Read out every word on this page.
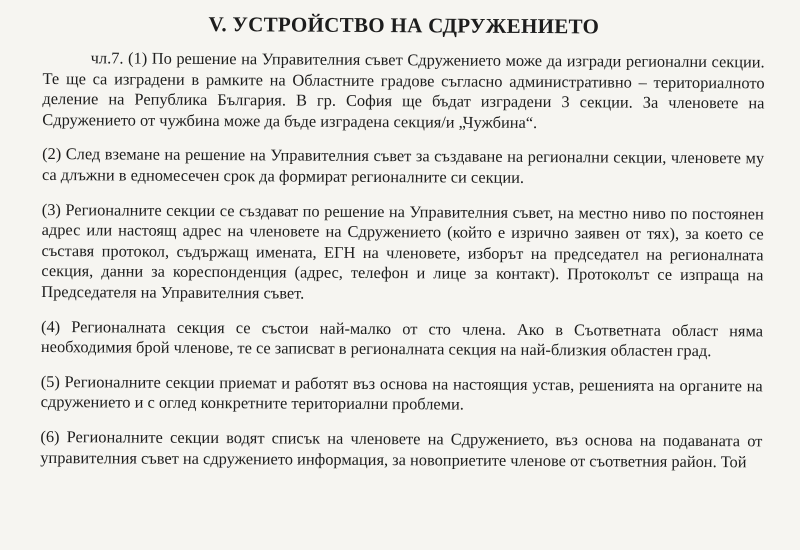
V. УСТРОЙСТВО НА СДРУЖЕНИЕТО

чл.7. (1) По решение на Управителния съвет Сдружението може да изгради регионални секции. Те ще са изградени в рамките на Областните градове съгласно административно – териториалното деление на Република България. В гр. София ще бъдат изградени 3 секции. За членовете на Сдружението от чужбина може да бъде изградена секция/и „Чужбина“.

(2) След вземане на решение на Управителния съвет за създаване на регионални секции, членовете му са длъжни в едномесечен срок да формират регионалните си секции.

(3) Регионалните секции се създават по решение на Управителния съвет, на местно ниво по постоянен адрес или настоящ адрес на членовете на Сдружението (който е изрично заявен от тях), за което се съставя протокол, съдържащ имената, ЕГН на членовете, изборът на председател на регионалната секция, данни за кореспонденция (адрес, телефон и лице за контакт). Протоколът се изпраща на Председателя на Управителния съвет.

(4) Регионалната секция се състои най-малко от сто члена. Ако в Съответната област няма необходимия брой членове, те се записват в регионалната секция на най-близкия областен град.

(5) Регионалните секции приемат и работят въз основа на настоящия устав, решенията на органите на сдружението и с оглед конкретните териториални проблеми.

(6) Регионалните секции водят списък на членовете на Сдружението, въз основа на подаваната от управителния съвет на сдружението информация, за новоприетите членове от съответния район. Той
